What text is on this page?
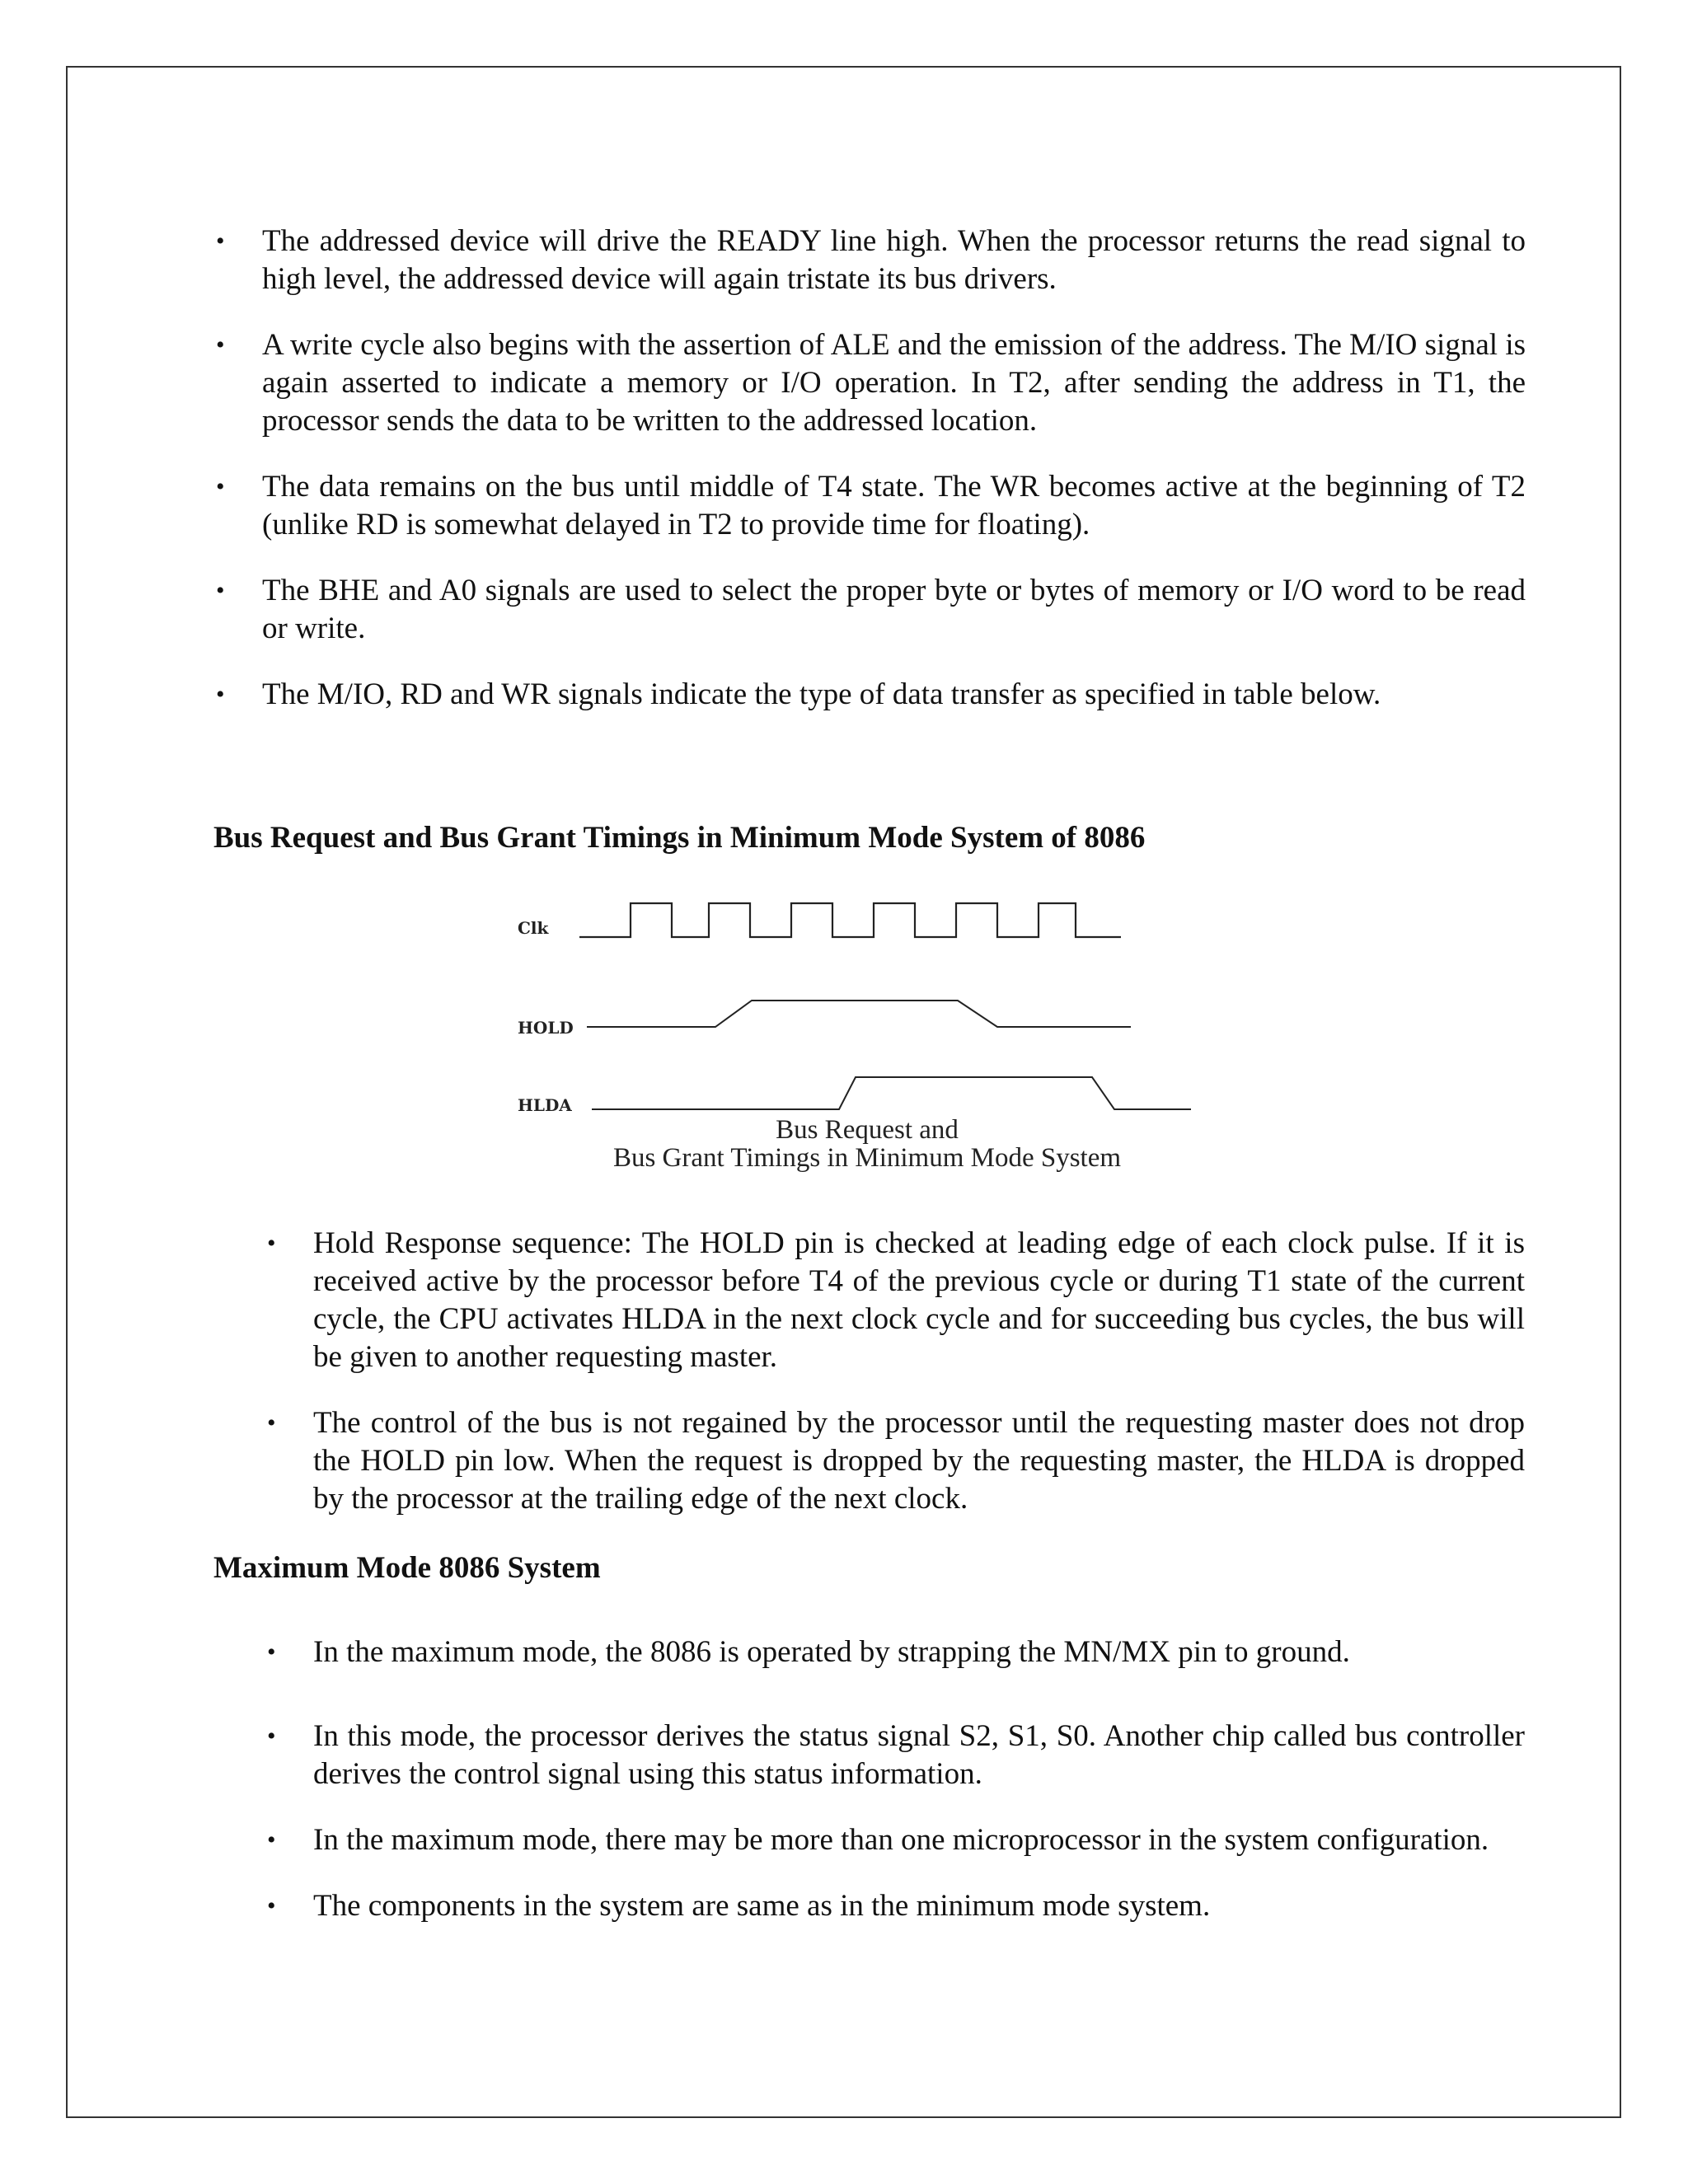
• The addressed device will drive the READY line high. When the processor returns the read signal to high level, the addressed device will again tristate its bus drivers.
• A write cycle also begins with the assertion of ALE and the emission of the address. The M/IO signal is again asserted to indicate a memory or I/O operation. In T2, after sending the address in T1, the processor sends the data to be written to the addressed location.
• The data remains on the bus until middle of T4 state. The WR becomes active at the beginning of T2 (unlike RD is somewhat delayed in T2 to provide time for floating).
• The BHE and A0 signals are used to select the proper byte or bytes of memory or I/O word to be read or write.
• The M/IO, RD and WR signals indicate the type of data transfer as specified in table below.
Bus Request and Bus Grant Timings in Minimum Mode System of 8086
Clk
HOLD
HLDA
Bus Request and
Bus Grant Timings in Minimum Mode System
• Hold Response sequence: The HOLD pin is checked at leading edge of each clock pulse. If it is received active by the processor before T4 of the previous cycle or during T1 state of the current cycle, the CPU activates HLDA in the next clock cycle and for succeeding bus cycles, the bus will be given to another requesting master.
• The control of the bus is not regained by the processor until the requesting master does not drop the HOLD pin low. When the request is dropped by the requesting master, the HLDA is dropped by the processor at the trailing edge of the next clock.
Maximum Mode 8086 System
• In the maximum mode, the 8086 is operated by strapping the MN/MX pin to ground.
• In this mode, the processor derives the status signal S2, S1, S0. Another chip called bus controller derives the control signal using this status information.
• In the maximum mode, there may be more than one microprocessor in the system configuration.
• The components in the system are same as in the minimum mode system.
